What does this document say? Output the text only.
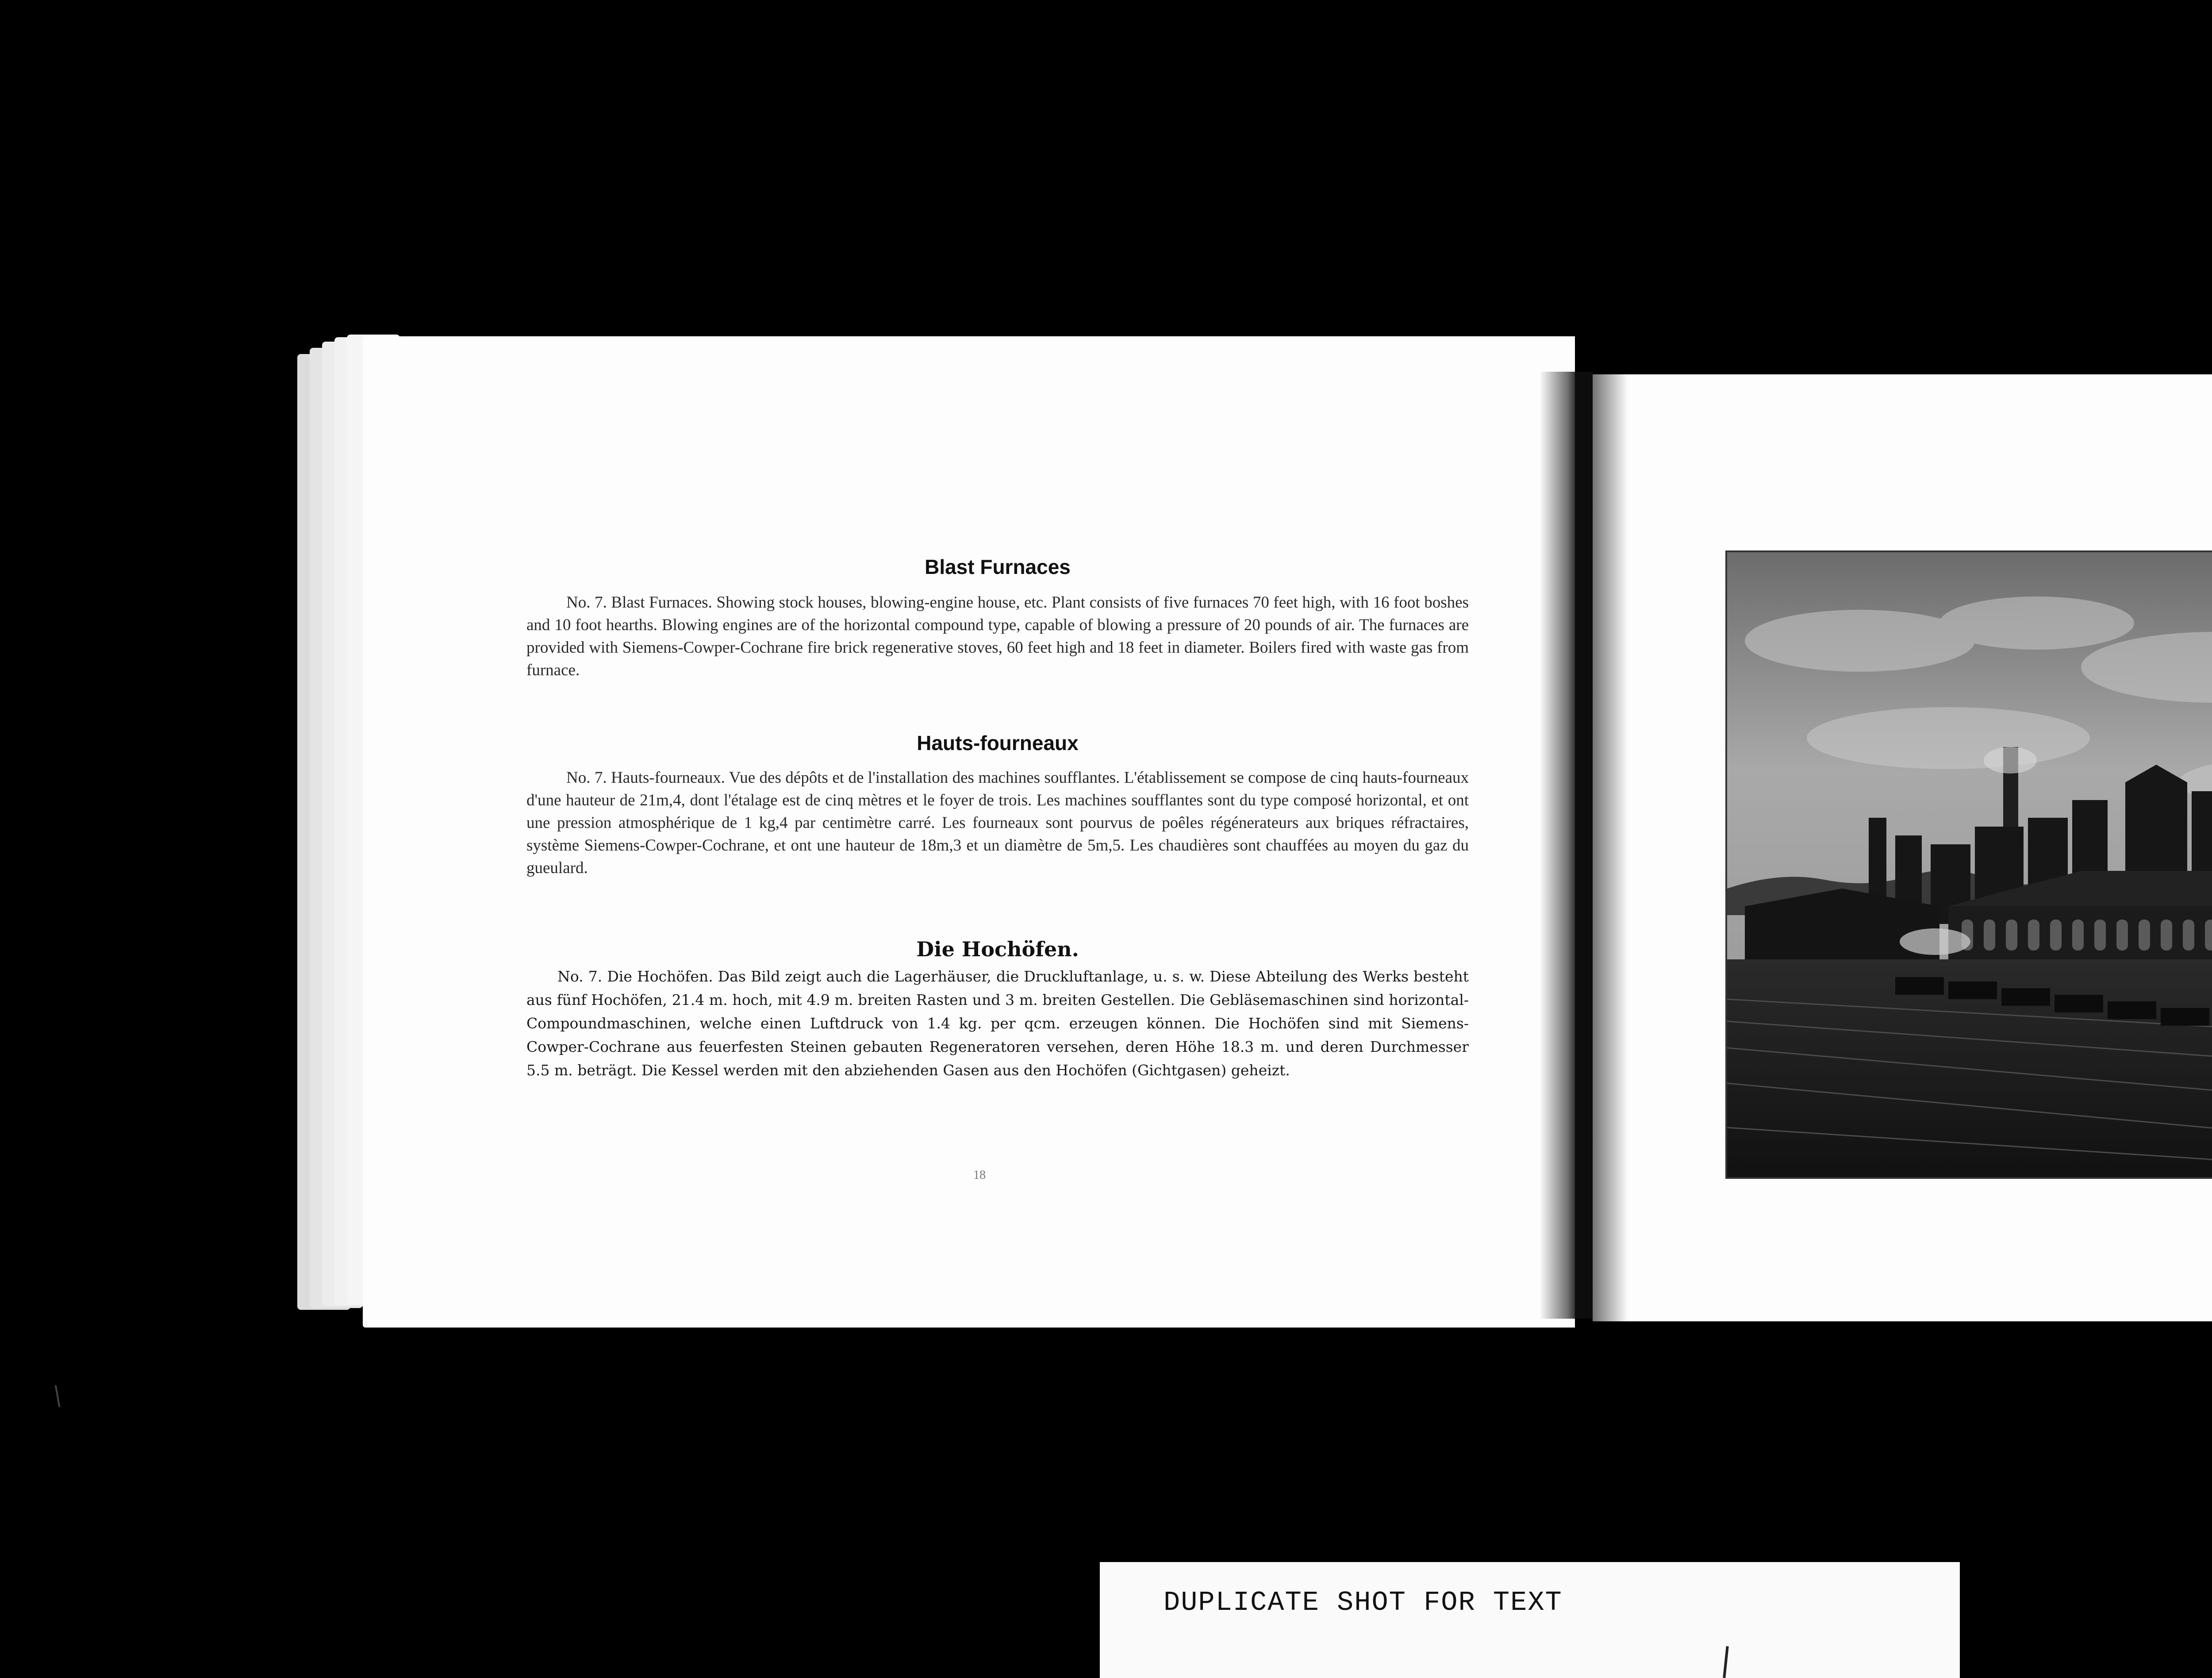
Blast Furnaces

No. 7. Blast Furnaces. Showing stock houses, blowing-engine house, etc. Plant consists of five furnaces 70 feet high, with 16 foot boshes and 10 foot hearths. Blowing engines are of the horizontal compound type, capable of blowing a pressure of 20 pounds of air. The furnaces are provided with Siemens-Cowper-Cochrane fire brick regenerative stoves, 60 feet high and 18 feet in diameter. Boilers fired with waste gas from furnace.

Hauts-fourneaux

No. 7. Hauts-fourneaux. Vue des dépôts et de l'installation des machines soufflantes. L'établissement se compose de cinq hauts-fourneaux d'une hauteur de 21m,4, dont l'étalage est de cinq mètres et le foyer de trois. Les machines soufflantes sont du type composé horizontal, et ont une pression atmosphérique de 1 kg,4 par centimètre carré. Les fourneaux sont pourvus de poêles régénerateurs aux briques réfractaires, système Siemens-Cowper-Cochrane, et ont une hauteur de 18m,3 et un diamètre de 5m,5. Les chaudières sont chauffées au moyen du gaz du gueulard.

Die Hochöfen.

No. 7. Die Hochöfen. Das Bild zeigt auch die Lagerhäuser, die Druckluftanlage, u. s. w. Diese Abteilung des Werks besteht aus fünf Hochöfen, 21.4 m. hoch, mit 4.9 m. breiten Rasten und 3 m. breiten Gestellen. Die Gebläsemaschinen sind horizontal-Compoundmaschinen, welche einen Luftdruck von 1.4 kg. per qcm. erzeugen können. Die Hochöfen sind mit Siemens-Cowper-Cochrane aus feuerfesten Steinen gebauten Regeneratoren versehen, deren Höhe 18.3 m. und deren Durchmesser 5.5 m. beträgt. Die Kessel werden mit den abziehenden Gasen aus den Hochöfen (Gichtgasen) geheizt.

18
DUPLICATE SHOT FOR TEXT
